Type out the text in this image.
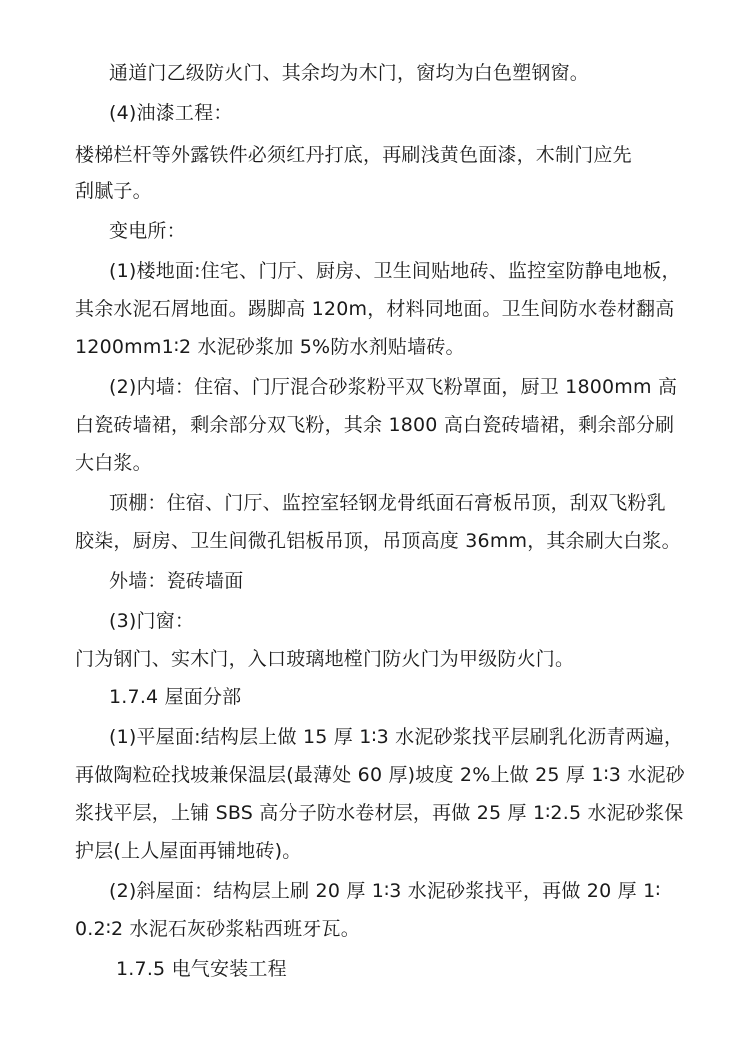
通道门乙级防火门、其余均为木门，窗均为白色塑钢窗。
(4)油漆工程：
楼梯栏杆等外露铁件必须红丹打底，再刷浅黄色面漆，木制门应先
刮腻子。
变电所：
(1)楼地面:住宅、门厅、厨房、卫生间贴地砖、监控室防静电地板，
其余水泥石屑地面。踢脚高 120m，材料同地面。卫生间防水卷材翻高
1200mm1∶2 水泥砂浆加 5%防水剂贴墙砖。
(2)内墙：住宿、门厅混合砂浆粉平双飞粉罩面，厨卫 1800mm 高
白瓷砖墙裙，剩余部分双飞粉，其余 1800 高白瓷砖墙裙，剩余部分刷
大白浆。
顶棚：住宿、门厅、监控室轻钢龙骨纸面石膏板吊顶，刮双飞粉乳
胶柒，厨房、卫生间微孔铝板吊顶，吊顶高度 36mm，其余刷大白浆。
外墙：瓷砖墙面
(3)门窗：
门为钢门、实木门，入口玻璃地樘门防火门为甲级防火门。
1.7.4 屋面分部
(1)平屋面:结构层上做 15 厚 1∶3 水泥砂浆找平层刷乳化沥青两遍，
再做陶粒砼找坡兼保温层(最薄处 60 厚)坡度 2%上做 25 厚 1∶3 水泥砂
浆找平层，上铺 SBS 高分子防水卷材层，再做 25 厚 1∶2.5 水泥砂浆保
护层(上人屋面再铺地砖)。
(2)斜屋面：结构层上刷 20 厚 1∶3 水泥砂浆找平，再做 20 厚 1∶
0.2∶2 水泥石灰砂浆粘西班牙瓦。
1.7.5 电气安装工程
